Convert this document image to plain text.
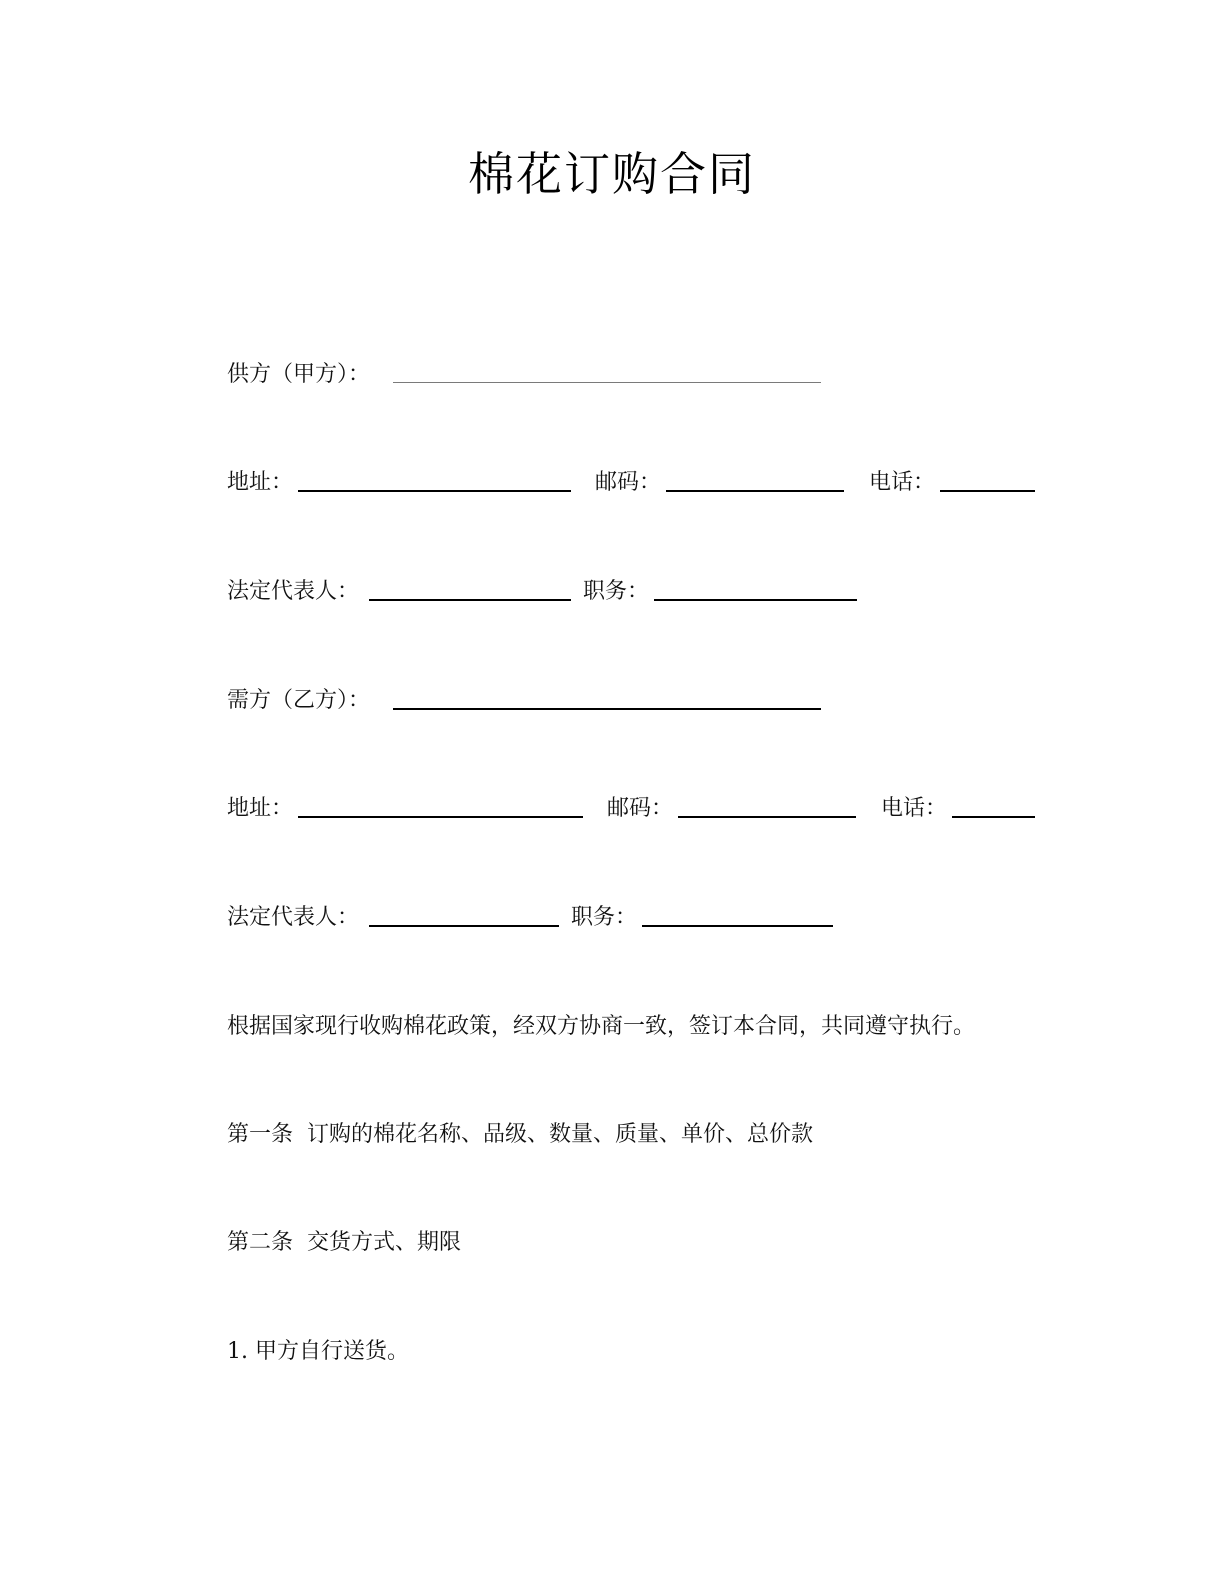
棉花订购合同
供方（甲方）：
地址：	邮码：	电话：
法定代表人：	职务：
需方（乙方）：
地址：	邮码：	电话：
法定代表人：	职务：
根据国家现行收购棉花政策，经双方协商一致，签订本合同，共同遵守执行。
第一条  订购的棉花名称、品级、数量、质量、单价、总价款
第二条  交货方式、期限
1. 甲方自行送货。
